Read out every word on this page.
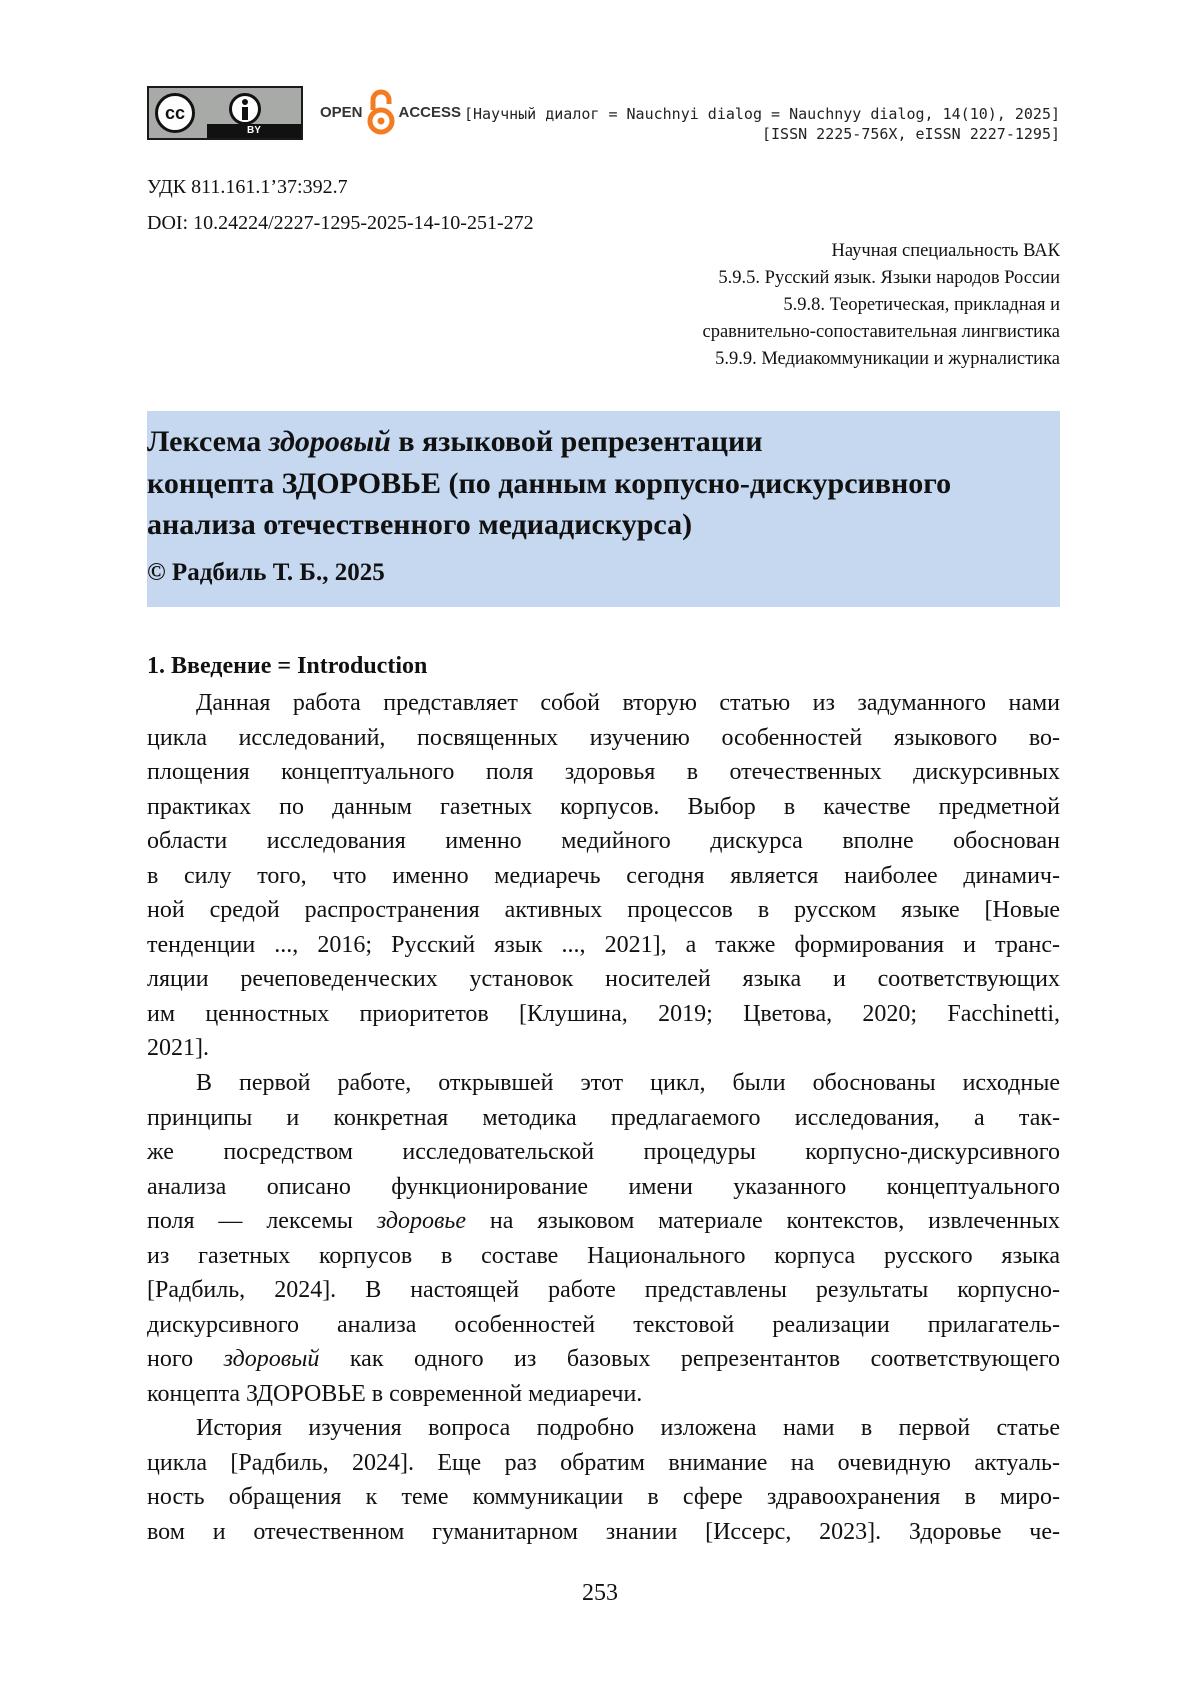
cc
BY
OPEN ACCESS [Научный диалог = Nauchnyi dialog = Nauchnyy dialog, 14(10), 2025]
[ISSN 2225-756X, eISSN 2227-1295]
УДК 811.161.1’37:392.7
DOI: 10.24224/2227-1295-2025-14-10-251-272
Научная специальность ВАК
5.9.5. Русский язык. Языки народов России
5.9.8. Теоретическая, прикладная и
сравнительно-сопоставительная лингвистика
5.9.9. Медиакоммуникации и журналистика
Лексема здоровый в языковой репрезентации
концепта ЗДОРОВЬЕ (по данным корпусно-дискурсивного
анализа отечественного медиадискурса)
© Радбиль Т. Б., 2025
1. Введение = Introduction
Данная работа представляет собой вторую статью из задуманного нами
цикла исследований, посвященных изучению особенностей языкового во-
площения концептуального поля здоровья в отечественных дискурсивных
практиках по данным газетных корпусов. Выбор в качестве предметной
области исследования именно медийного дискурса вполне обоснован
в силу того, что именно медиаречь сегодня является наиболее динамич-
ной средой распространения активных процессов в русском языке [Новые
тенденции ..., 2016; Русский язык ..., 2021], а также формирования и транс-
ляции речеповеденческих установок носителей языка и соответствующих
им ценностных приоритетов [Клушина, 2019; Цветова, 2020; Facchinetti,
2021].
В первой работе, открывшей этот цикл, были обоснованы исходные
принципы и конкретная методика предлагаемого исследования, а так-
же посредством исследовательской процедуры корпусно-дискурсивного
анализа описано функционирование имени указанного концептуального
поля — лексемы здоровье на языковом материале контекстов, извлеченных
из газетных корпусов в составе Национального корпуса русского языка
[Радбиль, 2024]. В настоящей работе представлены результаты корпусно-
дискурсивного анализа особенностей текстовой реализации прилагатель-
ного здоровый как одного из базовых репрезентантов соответствующего
концепта ЗДОРОВЬЕ в современной медиаречи.
История изучения вопроса подробно изложена нами в первой статье
цикла [Радбиль, 2024]. Еще раз обратим внимание на очевидную актуаль-
ность обращения к теме коммуникации в сфере здравоохранения в миро-
вом и отечественном гуманитарном знании [Иссерс, 2023]. Здоровье че-
253
